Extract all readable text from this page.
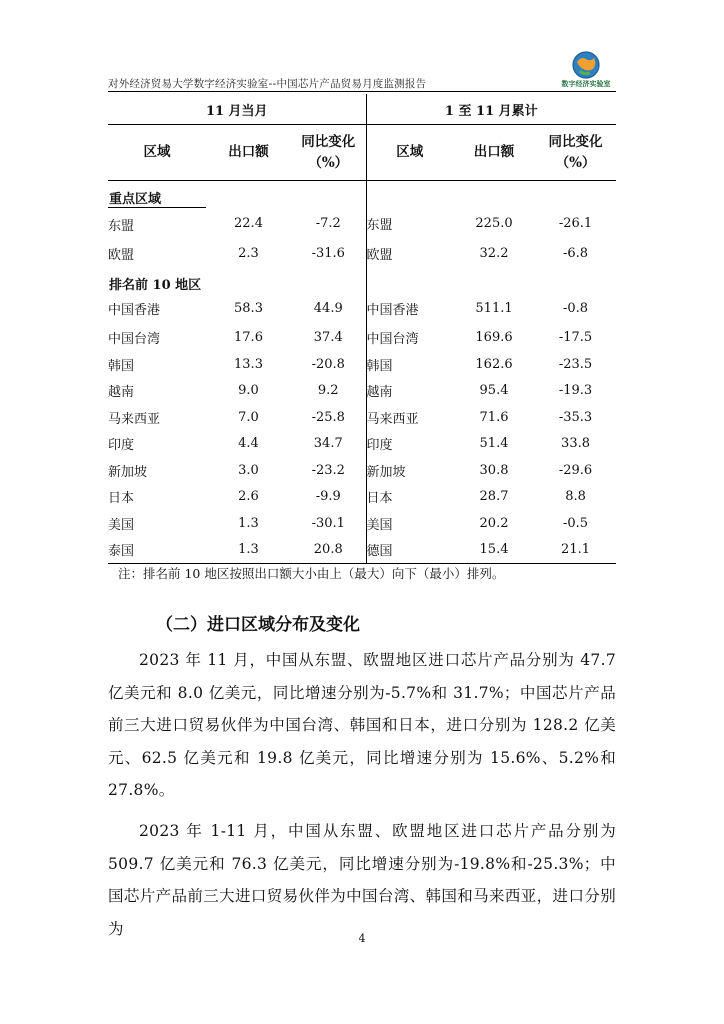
对外经济贸易大学数字经济实验室--中国芯片产品贸易月度监测报告	数字经济实验室
11 月当月			1 至 11 月累计		
区域	出口额	同比变化（%）	区域	出口额	同比变化（%）
重点区域					
东盟	22.4	-7.2	东盟	225.0	-26.1
欧盟	2.3	-31.6	欧盟	32.2	-6.8
排名前 10 地区					
中国香港	58.3	44.9	中国香港	511.1	-0.8
中国台湾	17.6	37.4	中国台湾	169.6	-17.5
韩国	13.3	-20.8	韩国	162.6	-23.5
越南	9.0	9.2	越南	95.4	-19.3
马来西亚	7.0	-25.8	马来西亚	71.6	-35.3
印度	4.4	34.7	印度	51.4	33.8
新加坡	3.0	-23.2	新加坡	30.8	-29.6
日本	2.6	-9.9	日本	28.7	8.8
美国	1.3	-30.1	美国	20.2	-0.5
泰国	1.3	20.8	德国	15.4	21.1
注：排名前 10 地区按照出口额大小由上（最大）向下（最小）排列。
（二）进口区域分布及变化
2023 年 11 月，中国从东盟、欧盟地区进口芯片产品分别为 47.7 亿美元和 8.0 亿美元，同比增速分别为-5.7%和 31.7%；中国芯片产品前三大进口贸易伙伴为中国台湾、韩国和日本，进口分别为 128.2 亿美元、62.5 亿美元和 19.8 亿美元，同比增速分别为 15.6%、5.2%和 27.8%。
2023 年 1-11 月，中国从东盟、欧盟地区进口芯片产品分别为 509.7 亿美元和 76.3 亿美元，同比增速分别为-19.8%和-25.3%；中国芯片产品前三大进口贸易伙伴为中国台湾、韩国和马来西亚，进口分别为
4
